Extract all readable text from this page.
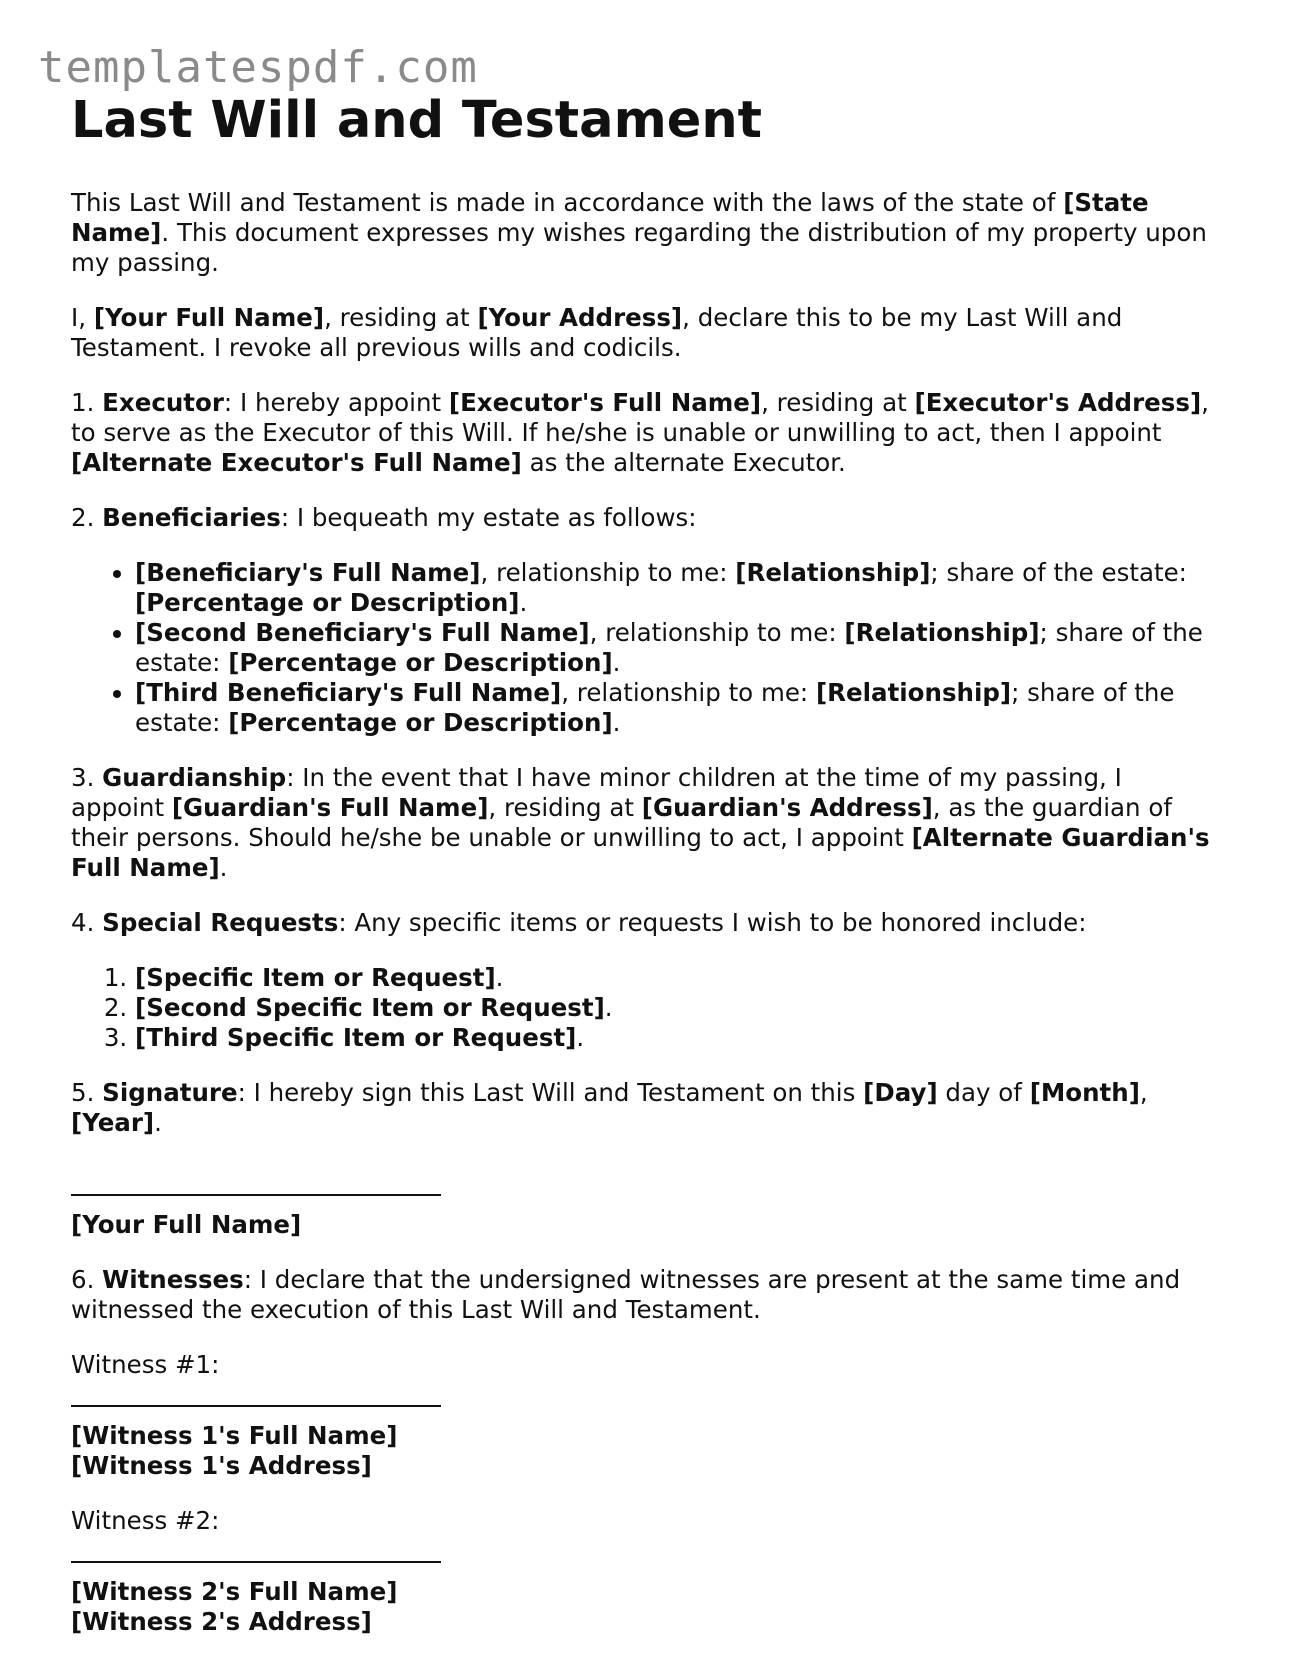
templatespdf.com
Last Will and Testament

This Last Will and Testament is made in accordance with the laws of the state of [State Name]. This document expresses my wishes regarding the distribution of my property upon my passing.

I, [Your Full Name], residing at [Your Address], declare this to be my Last Will and Testament. I revoke all previous wills and codicils.

1. Executor: I hereby appoint [Executor's Full Name], residing at [Executor's Address], to serve as the Executor of this Will. If he/she is unable or unwilling to act, then I appoint [Alternate Executor's Full Name] as the alternate Executor.

2. Beneficiaries: I bequeath my estate as follows:

• [Beneficiary's Full Name], relationship to me: [Relationship]; share of the estate: [Percentage or Description].
• [Second Beneficiary's Full Name], relationship to me: [Relationship]; share of the estate: [Percentage or Description].
• [Third Beneficiary's Full Name], relationship to me: [Relationship]; share of the estate: [Percentage or Description].

3. Guardianship: In the event that I have minor children at the time of my passing, I appoint [Guardian's Full Name], residing at [Guardian's Address], as the guardian of their persons. Should he/she be unable or unwilling to act, I appoint [Alternate Guardian's Full Name].

4. Special Requests: Any specific items or requests I wish to be honored include:

1. [Specific Item or Request].
2. [Second Specific Item or Request].
3. [Third Specific Item or Request].

5. Signature: I hereby sign this Last Will and Testament on this [Day] day of [Month], [Year].

[Your Full Name]

6. Witnesses: I declare that the undersigned witnesses are present at the same time and witnessed the execution of this Last Will and Testament.

Witness #1:

[Witness 1's Full Name]
[Witness 1's Address]

Witness #2:

[Witness 2's Full Name]
[Witness 2's Address]
